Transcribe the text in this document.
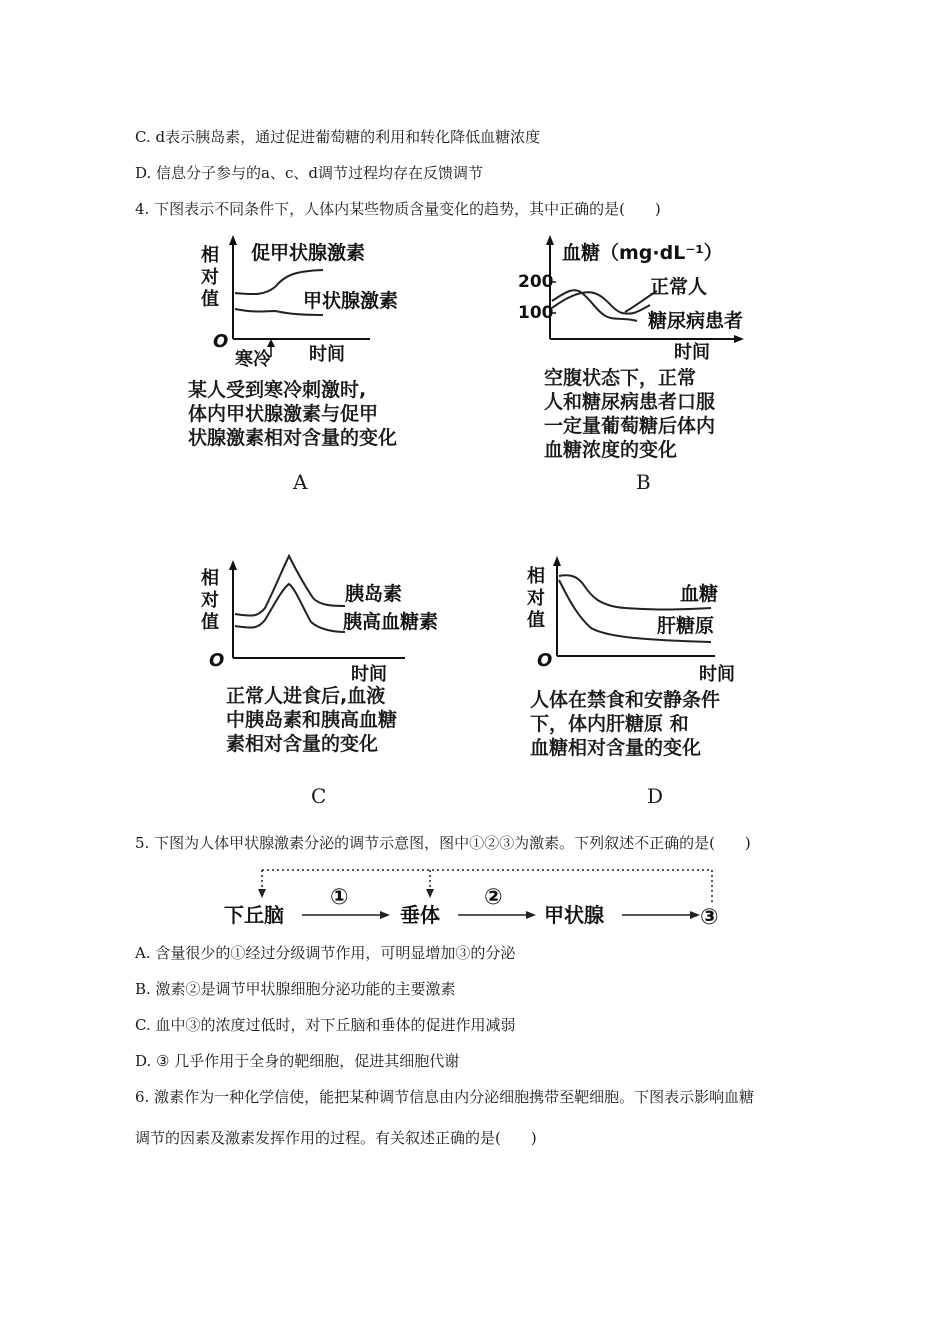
C. d表示胰岛素，通过促进葡萄糖的利用和转化降低血糖浓度
D. 信息分子参与的a、c、d调节过程均存在反馈调节
4. 下图表示不同条件下，人体内某些物质含量变化的趋势，其中正确的是(　　)
相
对
值
O
促甲状腺激素
甲状腺激素
寒冷 时间
某人受到寒冷刺激时,
体内甲状腺激素与促甲
状腺激素相对含量的变化
A
血糖（mg·dL⁻¹）
200
100
正常人
糖尿病患者
时间
空腹状态下，正常
人和糖尿病患者口服
一定量葡萄糖后体内
血糖浓度的变化
B
相
对
值
O
胰岛素
胰高血糖素
时间
正常人进食后,血液
中胰岛素和胰高血糖
素相对含量的变化
C
相
对
值
O
血糖
肝糖原
时间
人体在禁食和安静条件
下，体内肝糖原 和
血糖相对含量的变化
D
5. 下图为人体甲状腺激素分泌的调节示意图，图中①②③为激素。下列叙述不正确的是(　　)
下丘脑	垂体	甲状腺
①	②
③
A. 含量很少的①经过分级调节作用，可明显增加③的分泌
B. 激素②是调节甲状腺细胞分泌功能的主要激素
C. 血中③的浓度过低时，对下丘脑和垂体的促进作用减弱
D. ③ 几乎作用于全身的靶细胞，促进其细胞代谢
6. 激素作为一种化学信使，能把某种调节信息由内分泌细胞携带至靶细胞。下图表示影响血糖
调节的因素及激素发挥作用的过程。有关叙述正确的是(　　)
